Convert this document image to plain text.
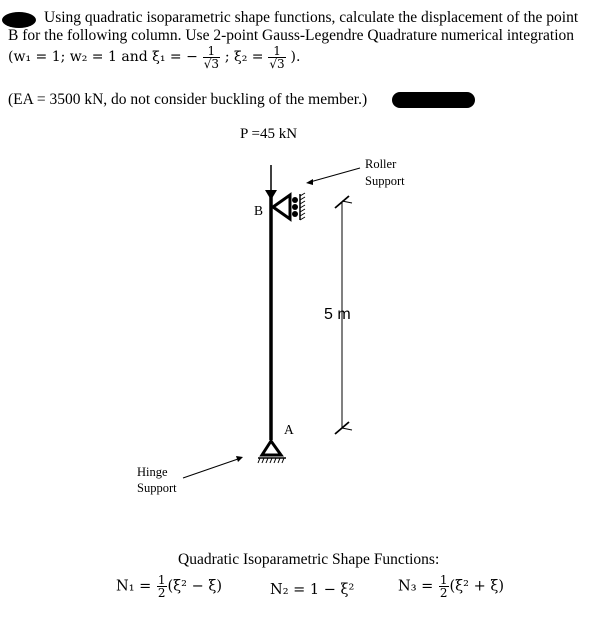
Using quadratic isoparametric shape functions, calculate the displacement of the point
B for the following column. Use 2-point Gauss-Legendre Quadrature numerical integration
(w₁ = 1; w₂ = 1 and ξ₁ = − $\frac{1}{√3}$ ; $\xi_2 = \frac{1}{√3}$ ).
(EA = 3500 kN, do not consider buckling of the member.)
P =45 kN
Roller
Support
B
A
5 m
Hinge
Support
Quadratic Isoparametric Shape Functions:
$N_1 = \frac{1}{2} (\xi^2 - \xi)$	N₂ = 1 − ξ²	$N_3 = \frac{1}{2} (\xi^2 + \xi)$
